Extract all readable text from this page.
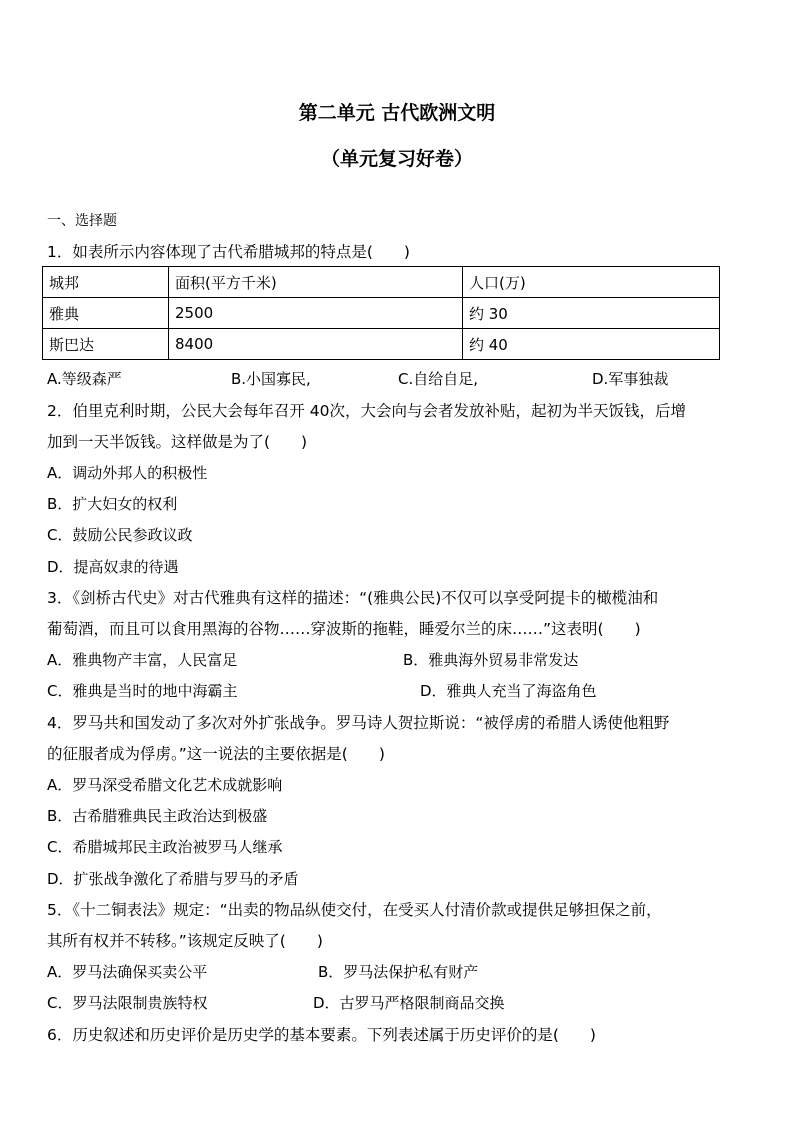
第二单元 古代欧洲文明
（单元复习好卷）
一、选择题
1．如表所示内容体现了古代希腊城邦的特点是(　　)
城邦	面积(平方千米)	人口(万)
雅典	2500	约 30
斯巴达	8400	约 40
A.等级森严	B.小国寡民,	C.自给自足,	D.军事独裁
2．伯里克利时期，公民大会每年召开 40次，大会向与会者发放补贴，起初为半天饭钱，后增
加到一天半饭钱。这样做是为了(　　)
A．调动外邦人的积极性
B．扩大妇女的权利
C．鼓励公民参政议政
D．提高奴隶的待遇
3．《剑桥古代史》对古代雅典有这样的描述：“(雅典公民)不仅可以享受阿提卡的橄榄油和
葡萄酒，而且可以食用黑海的谷物……穿波斯的拖鞋，睡爱尔兰的床……”这表明(　　)
A．雅典物产丰富，人民富足	B．雅典海外贸易非常发达
C．雅典是当时的地中海霸主	D．雅典人充当了海盗角色
4．罗马共和国发动了多次对外扩张战争。罗马诗人贺拉斯说：“被俘虏的希腊人诱使他粗野
的征服者成为俘虏。”这一说法的主要依据是(　　)
A．罗马深受希腊文化艺术成就影响
B．古希腊雅典民主政治达到极盛
C．希腊城邦民主政治被罗马人继承
D．扩张战争激化了希腊与罗马的矛盾
5．《十二铜表法》规定：“出卖的物品纵使交付，在受买人付清价款或提供足够担保之前，
其所有权并不转移。”该规定反映了(　　)
A．罗马法确保买卖公平	B．罗马法保护私有财产
C．罗马法限制贵族特权	D．古罗马严格限制商品交换
6．历史叙述和历史评价是历史学的基本要素。下列表述属于历史评价的是(　　)
